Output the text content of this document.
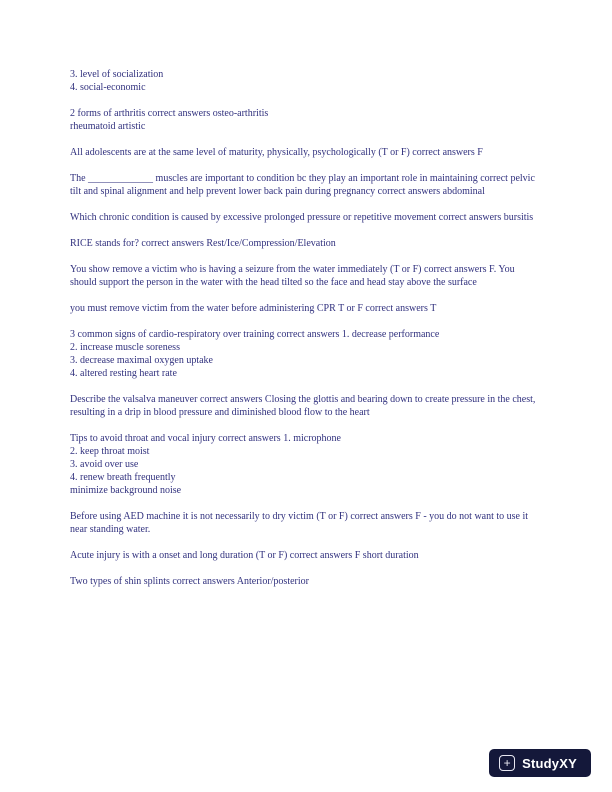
3. level of socialization
4. social-economic

2 forms of arthritis correct answers osteo-arthritis
rheumatoid artistic

All adolescents are at the same level of maturity, physically, psychologically (T or F) correct answers F

The _____________ muscles are important to condition bc they play an important role in maintaining correct pelvic tilt and spinal alignment and help prevent lower back pain during pregnancy correct answers abdominal

Which chronic condition is caused by excessive prolonged pressure or repetitive movement correct answers bursitis

RICE stands for? correct answers Rest/Ice/Compression/Elevation

You show remove a victim who is having a seizure from the water immediately (T or F) correct answers F. You should support the person in the water with the head tilted so the face and head stay above the surface

you must remove victim from the water before administering CPR T or F correct answers T

3 common signs of cardio-respiratory over training correct answers 1. decrease performance
2. increase muscle soreness
3. decrease maximal oxygen uptake
4. altered resting heart rate

Describe the valsalva maneuver correct answers Closing the glottis and bearing down to create pressure in the chest, resulting in a drip in blood pressure and diminished blood flow to the heart

Tips to avoid throat and vocal injury correct answers 1. microphone
2. keep throat moist
3. avoid over use
4. renew breath frequently
minimize background noise

Before using AED machine it is not necessarily to dry victim (T or F) correct answers F - you do not want to use it near standing water.

Acute injury is with a onset and long duration (T or F) correct answers F short duration

Two types of shin splints correct answers Anterior/posterior

+ Study XY
